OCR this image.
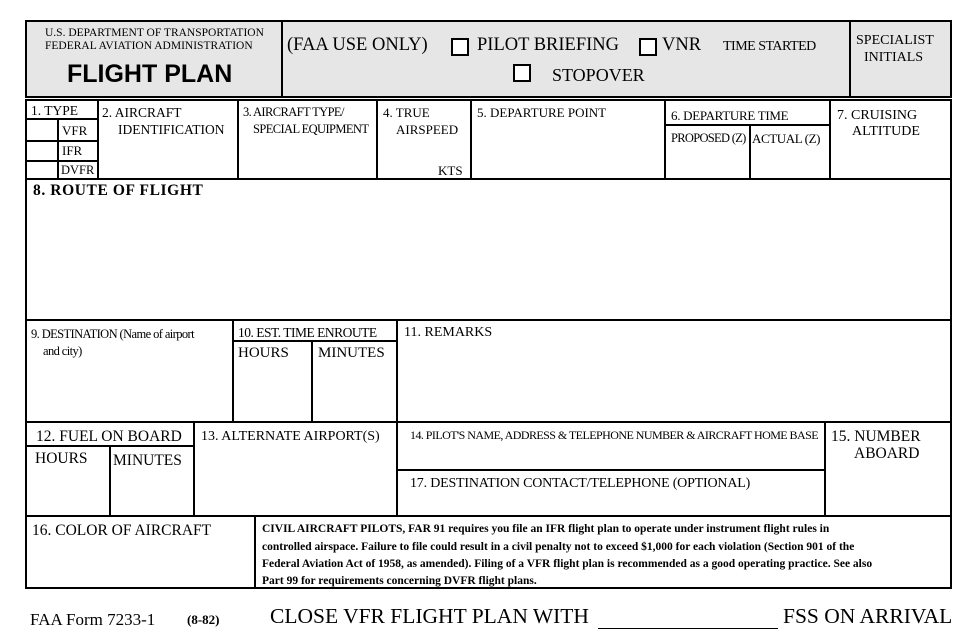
U.S. DEPARTMENT OF TRANSPORTATION
FEDERAL AVIATION ADMINISTRATION
FLIGHT PLAN
(FAA USE ONLY)	PILOT BRIEFING VNR
STOPOVER
TIME STARTED	SPECIALIST
INITIALS
1. TYPE
VFR
IFR
DVFR
2. AIRCRAFT
IDENTIFICATION
3. AIRCRAFT TYPE/
SPECIAL EQUIPMENT
4. TRUE
AIRSPEED
KTS
5. DEPARTURE POINT	6. DEPARTURE TIME
PROPOSED (Z) ACTUAL (Z)
7. CRUISING
ALTITUDE
8. ROUTE OF FLIGHT
9. DESTINATION (Name of airport
and city)
10. EST. TIME ENROUTE
HOURS MINUTES
11. REMARKS
12. FUEL ON BOARD
HOURS MINUTES
13. ALTERNATE AIRPORT(S)	14. PILOT'S NAME, ADDRESS & TELEPHONE NUMBER & AIRCRAFT HOME BASE
17. DESTINATION CONTACT/TELEPHONE (OPTIONAL)
15. NUMBER
ABOARD
16. COLOR OF AIRCRAFT	CIVIL AIRCRAFT PILOTS, FAR 91 requires you file an IFR flight plan to operate under instrument flight rules in
controlled airspace. Failure to file could result in a civil penalty not to exceed $1,000 for each violation (Section 901 of the
Federal Aviation Act of 1958, as amended). Filing of a VFR flight plan is recommended as a good operating practice. See also
Part 99 for requirements concerning DVFR flight plans.
FAA Form 7233-1 (8-82) CLOSE VFR FLIGHT PLAN WITH	FSS ON ARRIVAL
